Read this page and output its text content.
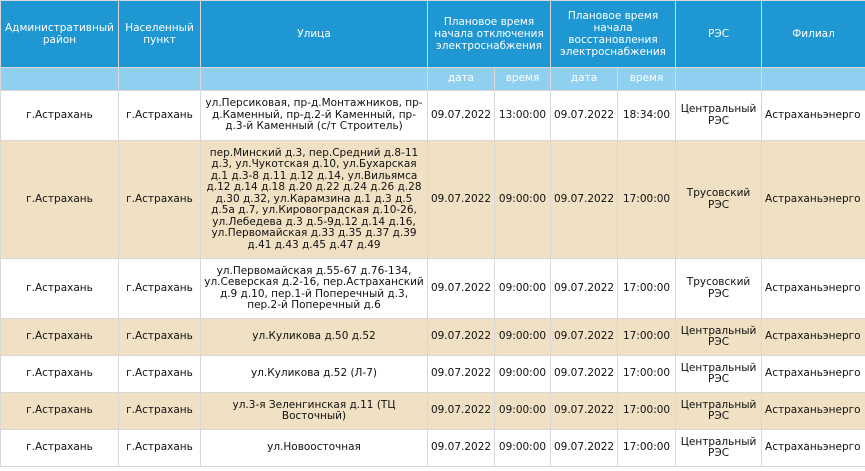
Административный район	Населенный пункт	Улица	Плановое время начала отключения электроснабжения		Плановое время начала восстановления электроснабжения		РЭС	Филиал
			дата	время	дата	время		
г.Астрахань	г.Астрахань	ул.Персиковая, пр-д.Монтажников, пр-д.Каменный, пр-д.2-й Каменный, пр-д.3-й Каменный (с/т Строитель)	09.07.2022	13:00:00	09.07.2022	18:34:00	Центральный РЭС	Астраханьэнерго
г.Астрахань	г.Астрахань	пер.Минский д.3, пер.Средний д.8-11 д.3, ул.Чукотская д.10, ул.Бухарская д.1 д.3-8 д.11 д.12 д.14, ул.Вильямса д.12 д.14 д.18 д.20 д.22 д.24 д.26 д.28 д.30 д.32, ул.Карамзина д.1 д.3 д.5 д.5а д.7, ул.Кировоградская д.10-26, ул.Лебедева д.3 д.5-9д.12 д.14 д.16, ул.Первомайская д.33 д.35 д.37 д.39 д.41 д.43 д.45 д.47 д.49	09.07.2022	09:00:00	09.07.2022	17:00:00	Трусовский РЭС	Астраханьэнерго
г.Астрахань	г.Астрахань	ул.Первомайская д.55-67 д.76-134, ул.Северская д.2-16, пер.Астраханский д.9 д.10, пер.1-й Поперечный д.3, пер.2-й Поперечный д.6	09.07.2022	09:00:00	09.07.2022	17:00:00	Трусовский РЭС	Астраханьэнерго
г.Астрахань	г.Астрахань	ул.Куликова д.50 д.52	09.07.2022	09:00:00	09.07.2022	17:00:00	Центральный РЭС	Астраханьэнерго
г.Астрахань	г.Астрахань	ул.Куликова д.52 (Л-7)	09.07.2022	09:00:00	09.07.2022	17:00:00	Центральный РЭС	Астраханьэнерго
г.Астрахань	г.Астрахань	ул.3-я Зеленгинская д.11 (ТЦ Восточный)	09.07.2022	09:00:00	09.07.2022	17:00:00	Центральный РЭС	Астраханьэнерго
г.Астрахань	г.Астрахань	ул.Новоосточная	09.07.2022	09:00:00	09.07.2022	17:00:00	Центральный РЭС	Астраханьэнерго
